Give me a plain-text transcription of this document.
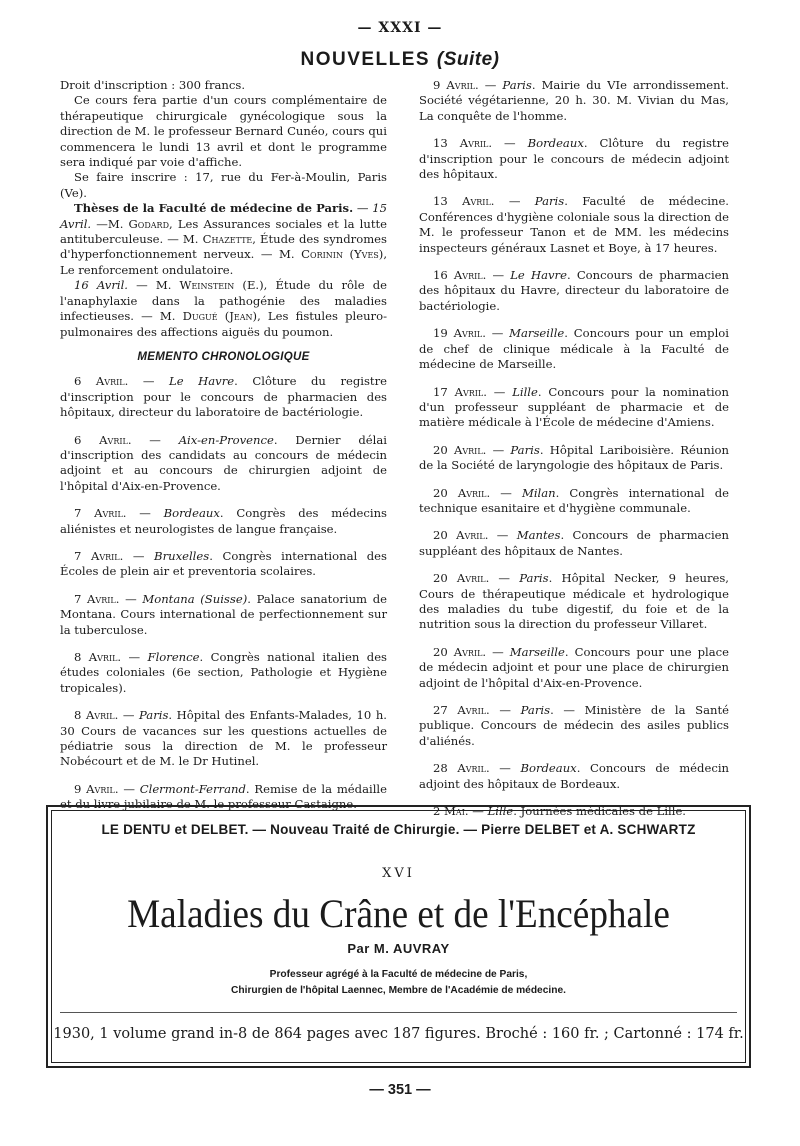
— XXXI —
NOUVELLES (Suite)
Droit d'inscription : 300 francs.
Ce cours fera partie d'un cours complémentaire de thérapeutique chirurgicale gynécologique sous la direction de M. le professeur Bernard Cunéo, cours qui commencera le lundi 13 avril et dont le programme sera indiqué par voie d'affiche.
Se faire inscrire : 17, rue du Fer-à-Moulin, Paris (Ve).
Thèses de la Faculté de médecine de Paris. — 15 Avril. —M. Godard, Les Assurances sociales et la lutte antituberculeuse. — M. Chazette, Étude des syndromes d'hyperfonctionnement nerveux. — M. Corinin (Yves), Le renforcement ondulatoire.
16 Avril. — M. Weinstein (E.), Étude du rôle de l'anaphylaxie dans la pathogénie des maladies infectieuses. — M. Dugué (Jean), Les fistules pleuro-pulmonaires des affections aiguës du poumon.
MEMENTO CHRONOLOGIQUE
6 Avril. — Le Havre. Clôture du registre d'inscription pour le concours de pharmacien des hôpitaux, directeur du laboratoire de bactériologie.
6 Avril. — Aix-en-Provence. Dernier délai d'inscription des candidats au concours de médecin adjoint et au concours de chirurgien adjoint de l'hôpital d'Aix-en-Provence.
7 Avril. — Bordeaux. Congrès des médecins aliénistes et neurologistes de langue française.
7 Avril. — Bruxelles. Congrès international des Écoles de plein air et preventoria scolaires.
7 Avril. — Montana (Suisse). Palace sanatorium de Montana. Cours international de perfectionnement sur la tuberculose.
8 Avril. — Florence. Congrès national italien des études coloniales (6e section, Pathologie et Hygiène tropicales).
8 Avril. — Paris. Hôpital des Enfants-Malades, 10 h. 30 Cours de vacances sur les questions actuelles de pédiatrie sous la direction de M. le professeur Nobécourt et de M. le Dr Hutinel.
9 Avril. — Clermont-Ferrand. Remise de la médaille et du livre jubilaire de M. le professeur Castaigne.
9 Avril. — Paris. Mairie du VIe arrondissement. Société végétarienne, 20 h. 30. M. Vivian du Mas, La conquête de l'homme.
13 Avril. — Bordeaux. Clôture du registre d'inscription pour le concours de médecin adjoint des hôpitaux.
13 Avril. — Paris. Faculté de médecine. Conférences d'hygiène coloniale sous la direction de M. le professeur Tanon et de MM. les médecins inspecteurs généraux Lasnet et Boye, à 17 heures.
16 Avril. — Le Havre. Concours de pharmacien des hôpitaux du Havre, directeur du laboratoire de bactériologie.
19 Avril. — Marseille. Concours pour un emploi de chef de clinique médicale à la Faculté de médecine de Marseille.
17 Avril. — Lille. Concours pour la nomination d'un professeur suppléant de pharmacie et de matière médicale à l'École de médecine d'Amiens.
20 Avril. — Paris. Hôpital Lariboisière. Réunion de la Société de laryngologie des hôpitaux de Paris.
20 Avril. — Milan. Congrès international de technique esanitaire et d'hygiène communale.
20 Avril. — Mantes. Concours de pharmacien suppléant des hôpitaux de Nantes.
20 Avril. — Paris. Hôpital Necker, 9 heures, Cours de thérapeutique médicale et hydrologique des maladies du tube digestif, du foie et de la nutrition sous la direction du professeur Villaret.
20 Avril. — Marseille. Concours pour une place de médecin adjoint et pour une place de chirurgien adjoint de l'hôpital d'Aix-en-Provence.
27 Avril. — Paris. — Ministère de la Santé publique. Concours de médecin des asiles publics d'aliénés.
28 Avril. — Bordeaux. Concours de médecin adjoint des hôpitaux de Bordeaux.
2 Mai. — Lille. Journées médicales de Lille.
LE DENTU et DELBET. — Nouveau Traité de Chirurgie. — Pierre DELBET et A. SCHWARTZ
XVI
Maladies du Crâne et de l'Encéphale
Par M. AUVRAY
Professeur agrégé à la Faculté de médecine de Paris,
Chirurgien de l'hôpital Laennec, Membre de l'Académie de médecine.
1930, 1 volume grand in-8 de 864 pages avec 187 figures. Broché : 160 fr. ; Cartonné : 174 fr.
— 351 —
